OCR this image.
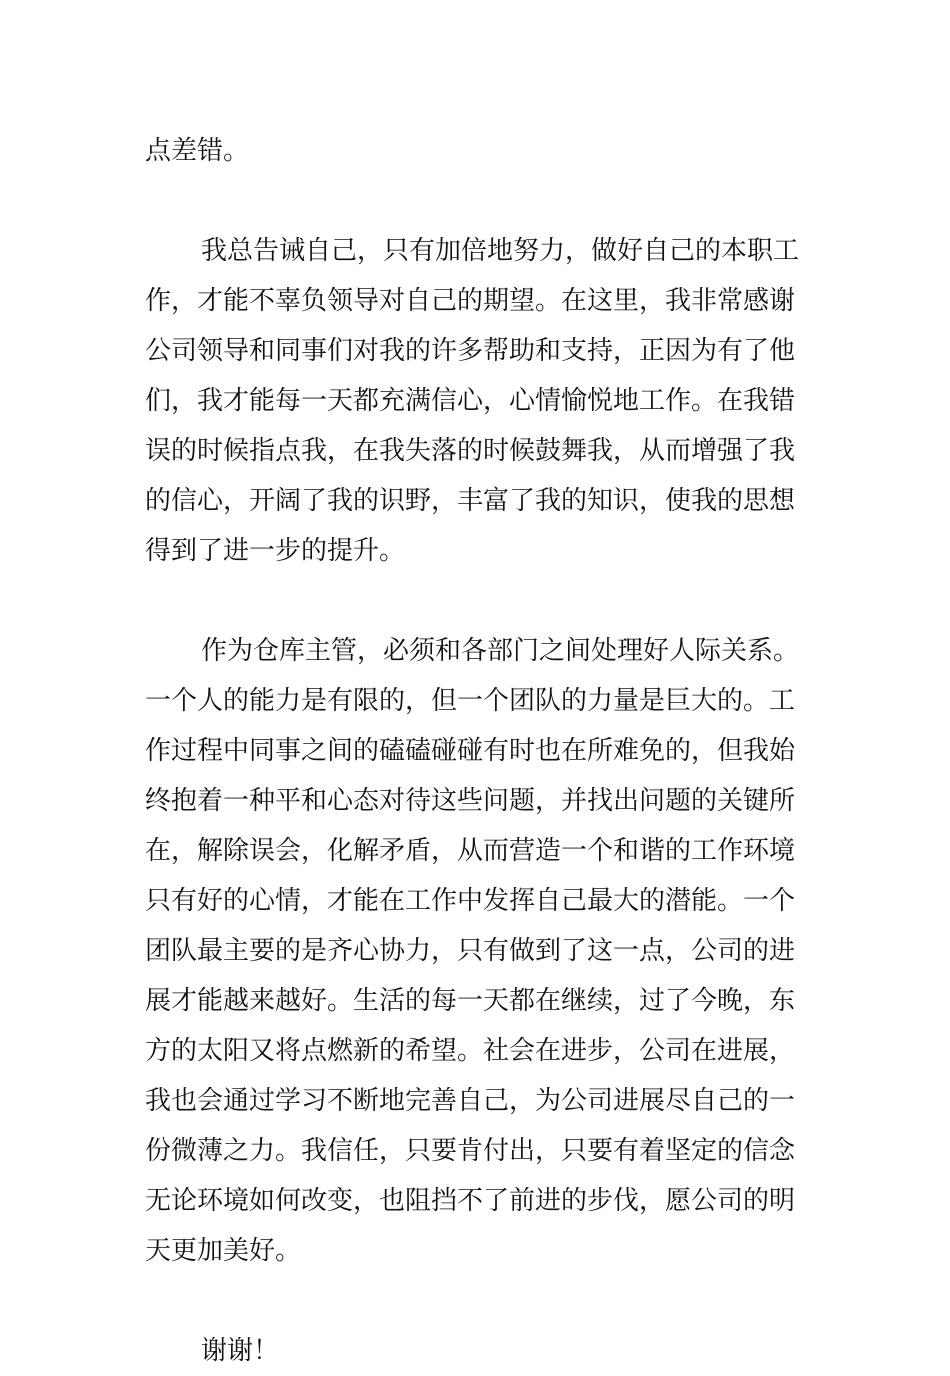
点差错。
我总告诫自己，只有加倍地努力，做好自己的本职工
作，才能不辜负领导对自己的期望。在这里，我非常感谢
公司领导和同事们对我的许多帮助和支持，正因为有了他
们，我才能每一天都充满信心，心情愉悦地工作。在我错
误的时候指点我，在我失落的时候鼓舞我，从而增强了我
的信心，开阔了我的识野，丰富了我的知识，使我的思想
得到了进一步的提升。
作为仓库主管，必须和各部门之间处理好人际关系。
一个人的能力是有限的，但一个团队的力量是巨大的。工
作过程中同事之间的磕磕碰碰有时也在所难免的，但我始
终抱着一种平和心态对待这些问题，并找出问题的关键所
在，解除误会，化解矛盾，从而营造一个和谐的工作环境
只有好的心情，才能在工作中发挥自己最大的潜能。一个
团队最主要的是齐心协力，只有做到了这一点，公司的进
展才能越来越好。生活的每一天都在继续，过了今晚，东
方的太阳又将点燃新的希望。社会在进步，公司在进展，
我也会通过学习不断地完善自己，为公司进展尽自己的一
份微薄之力。我信任，只要肯付出，只要有着坚定的信念
无论环境如何改变，也阻挡不了前进的步伐，愿公司的明
天更加美好。
谢谢！
